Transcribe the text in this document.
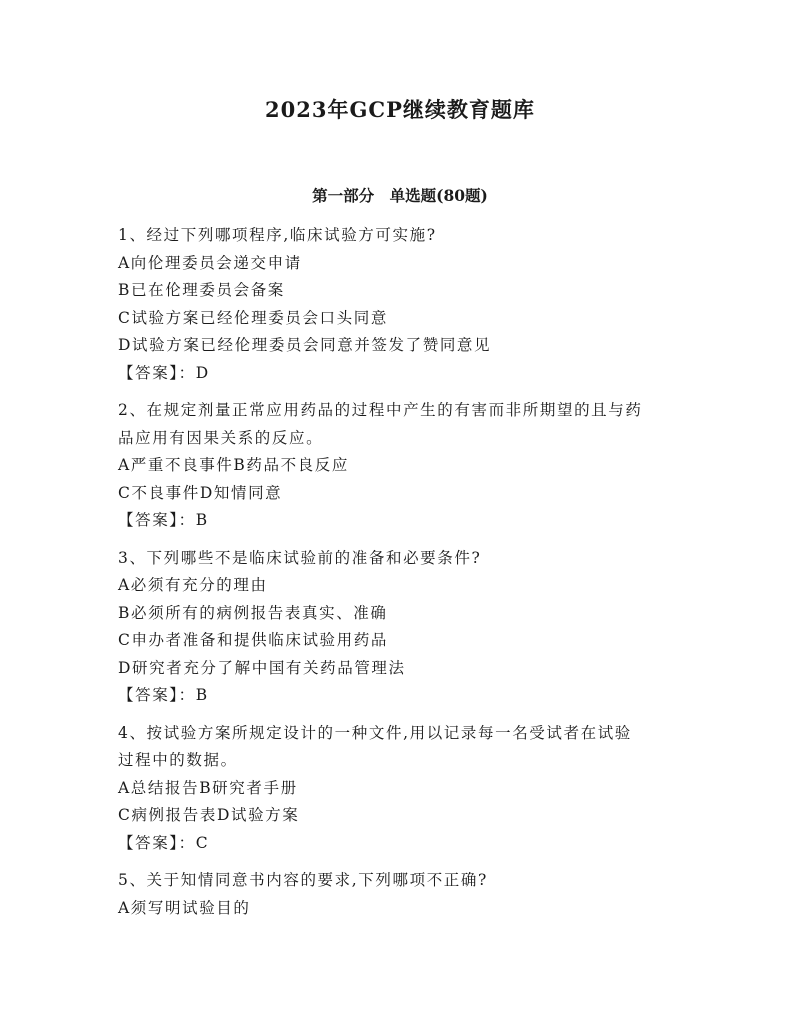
2023年GCP继续教育题库
第一部分　单选题(80题)
1、经过下列哪项程序,临床试验方可实施?
A向伦理委员会递交申请
B已在伦理委员会备案
C试验方案已经伦理委员会口头同意
D试验方案已经伦理委员会同意并签发了赞同意见
【答案】：D
2、在规定剂量正常应用药品的过程中产生的有害而非所期望的且与药
品应用有因果关系的反应。
A严重不良事件B药品不良反应
C不良事件D知情同意
【答案】：B
3、下列哪些不是临床试验前的准备和必要条件?
A必须有充分的理由
B必须所有的病例报告表真实、准确
C申办者准备和提供临床试验用药品
D研究者充分了解中国有关药品管理法
【答案】：B
4、按试验方案所规定设计的一种文件,用以记录每一名受试者在试验
过程中的数据。
A总结报告B研究者手册
C病例报告表D试验方案
【答案】：C
5、关于知情同意书内容的要求,下列哪项不正确?
A须写明试验目的
